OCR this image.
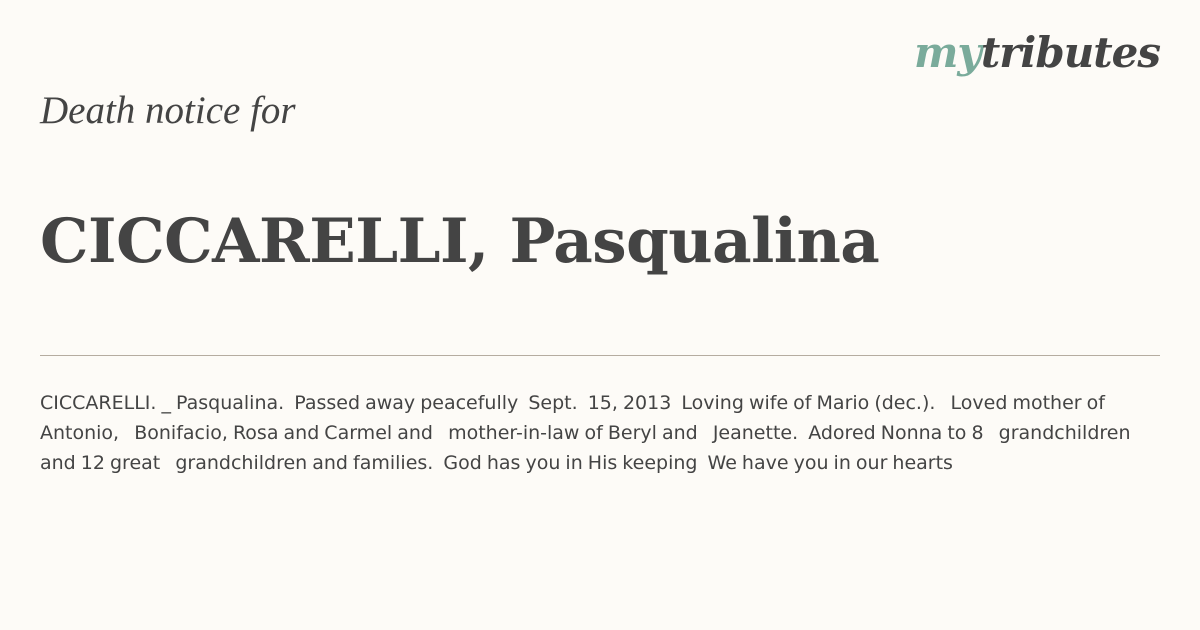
mytributes
Death notice for
CICCARELLI, Pasqualina
CICCARELLI. _ Pasqualina.  Passed away peacefully  Sept.  15, 2013  Loving wife of Mario (dec.).   Loved mother of Antonio,   Bonifacio, Rosa and Carmel and   mother-in-law of Beryl and   Jeanette.  Adored Nonna to 8   grandchildren and 12 great   grandchildren and families.  God has you in His keeping  We have you in our hearts
